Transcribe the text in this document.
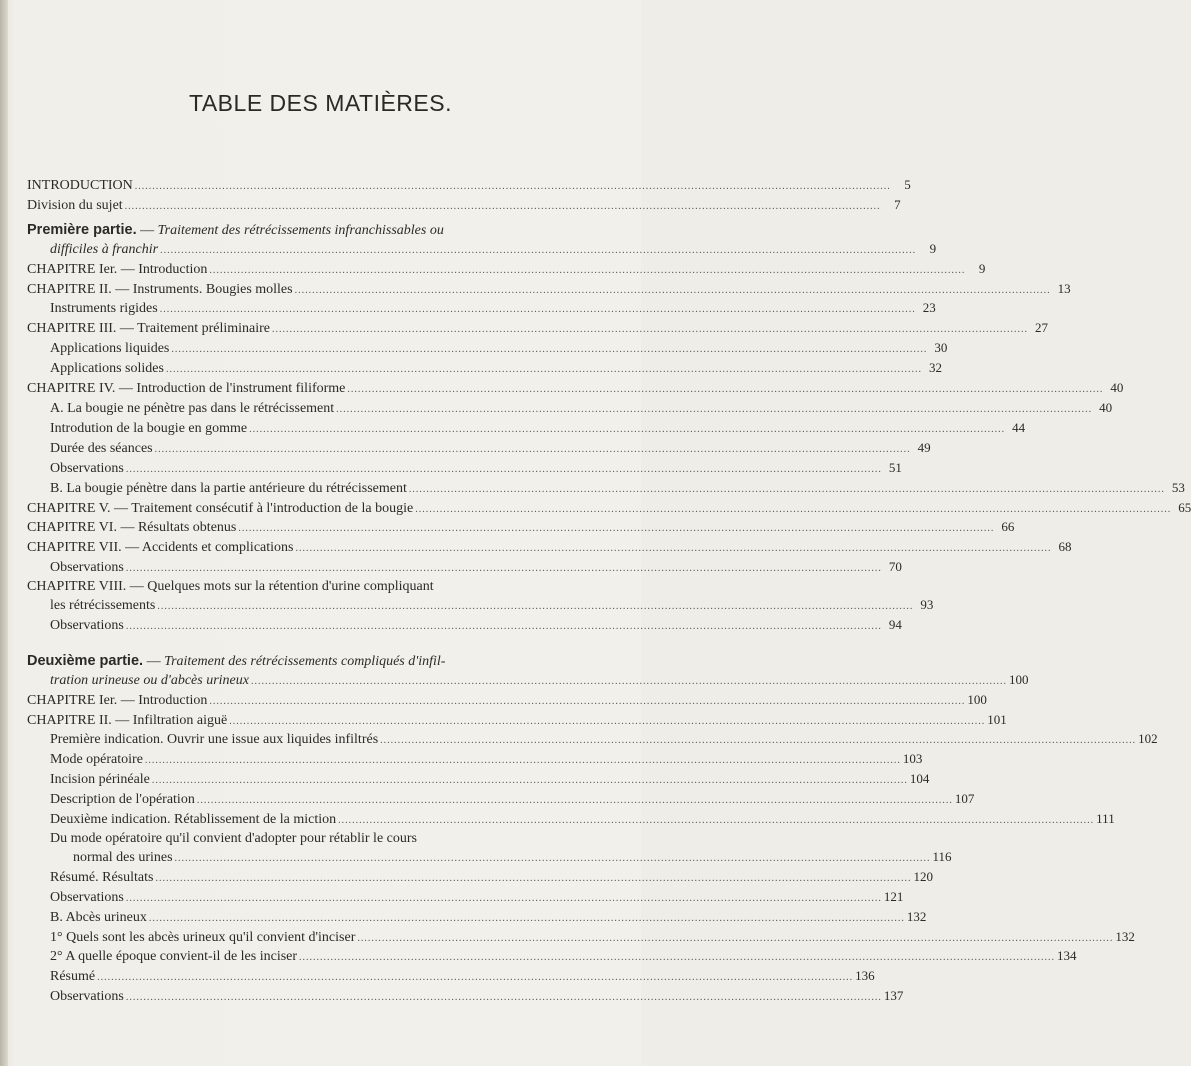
TABLE DES MATIÈRES.
INTRODUCTION .....	5
Division du sujet .....	7
Première partie. — Traitement des rétrécissements infranchissables ou
difficiles à franchir .....	9
CHAPITRE Ier. — Introduction .....	9
CHAPITRE II. — Instruments. Bougies molles .....	13
Instruments rigides .....	23
CHAPITRE III. — Traitement préliminaire .....	27
Applications liquides .....	30
Applications solides .....	32
CHAPITRE IV. — Introduction de l'instrument filiforme .....	40
A. La bougie ne pénètre pas dans le rétrécissement .....	40
Introdution de la bougie en gomme .....	44
Durée des séances .....	49
Observations .....	51
B. La bougie pénètre dans la partie antérieure du rétrécissement .....	53
CHAPITRE V. — Traitement consécutif à l'introduction de la bougie .....	65
CHAPITRE VI. — Résultats obtenus .....	66
CHAPITRE VII. — Accidents et complications .....	68
Observations .....	70
CHAPITRE VIII. — Quelques mots sur la rétention d'urine compliquant
les rétrécissements .....	93
Observations .....	94
Deuxième partie. — Traitement des rétrécissements compliqués d'infil-
tration urineuse ou d'abcès urineux .....	100
CHAPITRE Ier. — Introduction .....	100
CHAPITRE II. — Infiltration aiguë .....	101
Première indication. Ouvrir une issue aux liquides infiltrés .....	102
Mode opératoire .....	103
Incision périnéale .....	104
Description de l'opération .....	107
Deuxième indication. Rétablissement de la miction .....	111
Du mode opératoire qu'il convient d'adopter pour rétablir le cours
normal des urines .....	116
Résumé. Résultats .....	120
Observations .....	121
B. Abcès urineux .....	132
1° Quels sont les abcès urineux qu'il convient d'inciser .....	132
2° A quelle époque convient-il de les inciser .....	134
Résumé .....	136
Observations .....	137
